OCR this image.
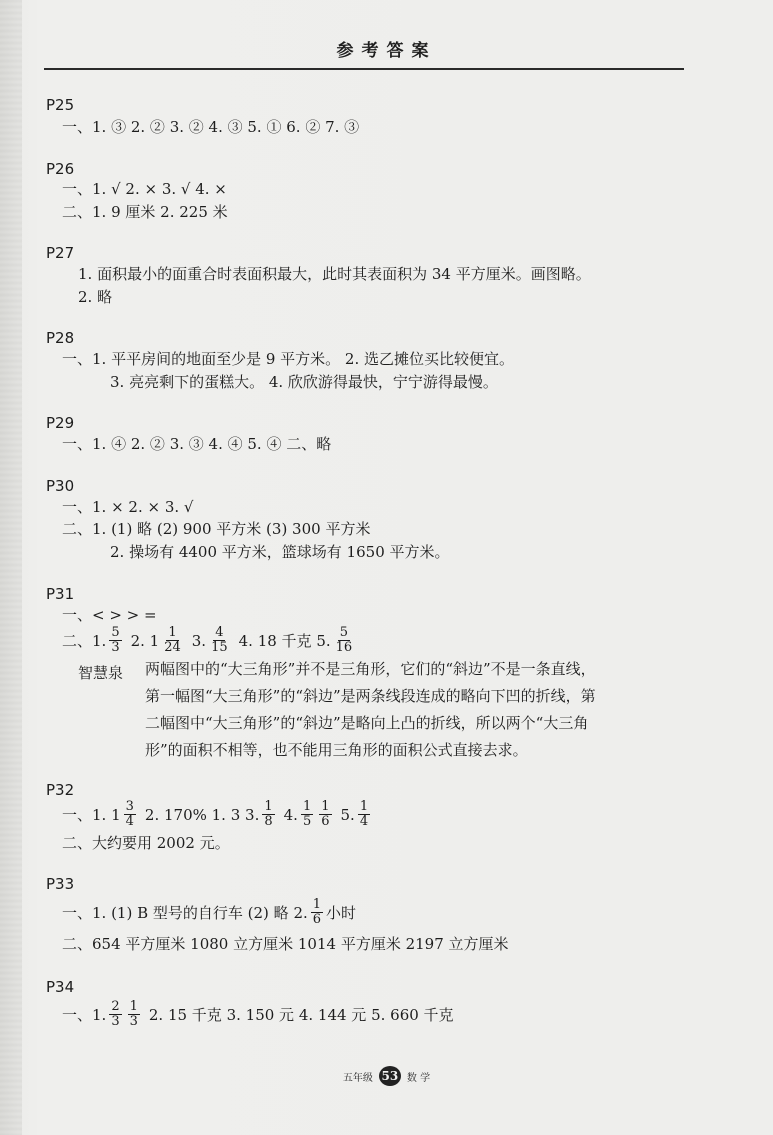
参考答案
P25
一、1. ③ 2. ② 3. ② 4. ③ 5. ① 6. ② 7. ③
P26
一、1. √ 2. × 3. √ 4. ×
二、1. 9 厘米 2. 225 米
P27
1. 面积最小的面重合时表面积最大，此时其表面积为 34 平方厘米。画图略。
2. 略
P28
一、1. 平平房间的地面至少是 9 平方米。 2. 选乙摊位买比较便宜。
3. 亮亮剩下的蛋糕大。 4. 欣欣游得最快，宁宁游得最慢。
P29
一、1. ④ 2. ② 3. ③ 4. ④ 5. ④ 二、略
P30
一、1. × 2. × 3. √
二、1. (1) 略 (2) 900 平方米 (3) 300 平方米
2. 操场有 4400 平方米，篮球场有 1650 平方米。
P31
一、< > > =
二、1. $\frac{5}{3} 2$. $1 \frac{1}{24} 3$. $\frac{4}{15} 4$. 18 千克 5. $\frac{5}{16}$
智慧泉 两幅图中的“大三角形”并不是三角形，它们的“斜边”不是一条直线，
第一幅图“大三角形”的“斜边”是两条线段连成的略向下凹的折线，第
二幅图中“大三角形”的“斜边”是略向上凸的折线，所以两个“大三角
形”的面积不相等，也不能用三角形的面积公式直接去求。
P32
一、1. $1 \frac{3}{4} 2$. 170% 1. 3 3. $\frac{1}{8} 4$. $\frac{1}{5} \frac{1}{6} 5$. $\frac{1}{4}$
二、大约要用 2002 元。
P33
一、1. (1) B 型号的自行车 (2) 略 2. $\frac{1}{6}$ 小时
二、654 平方厘米 1080 立方厘米 1014 平方厘米 2197 立方厘米
P34
一、1. $\frac{2}{3} \frac{1}{3} 2$. 15 千克 3. 150 元 4. 144 元 5. 660 千克
五年级 53 数 学
